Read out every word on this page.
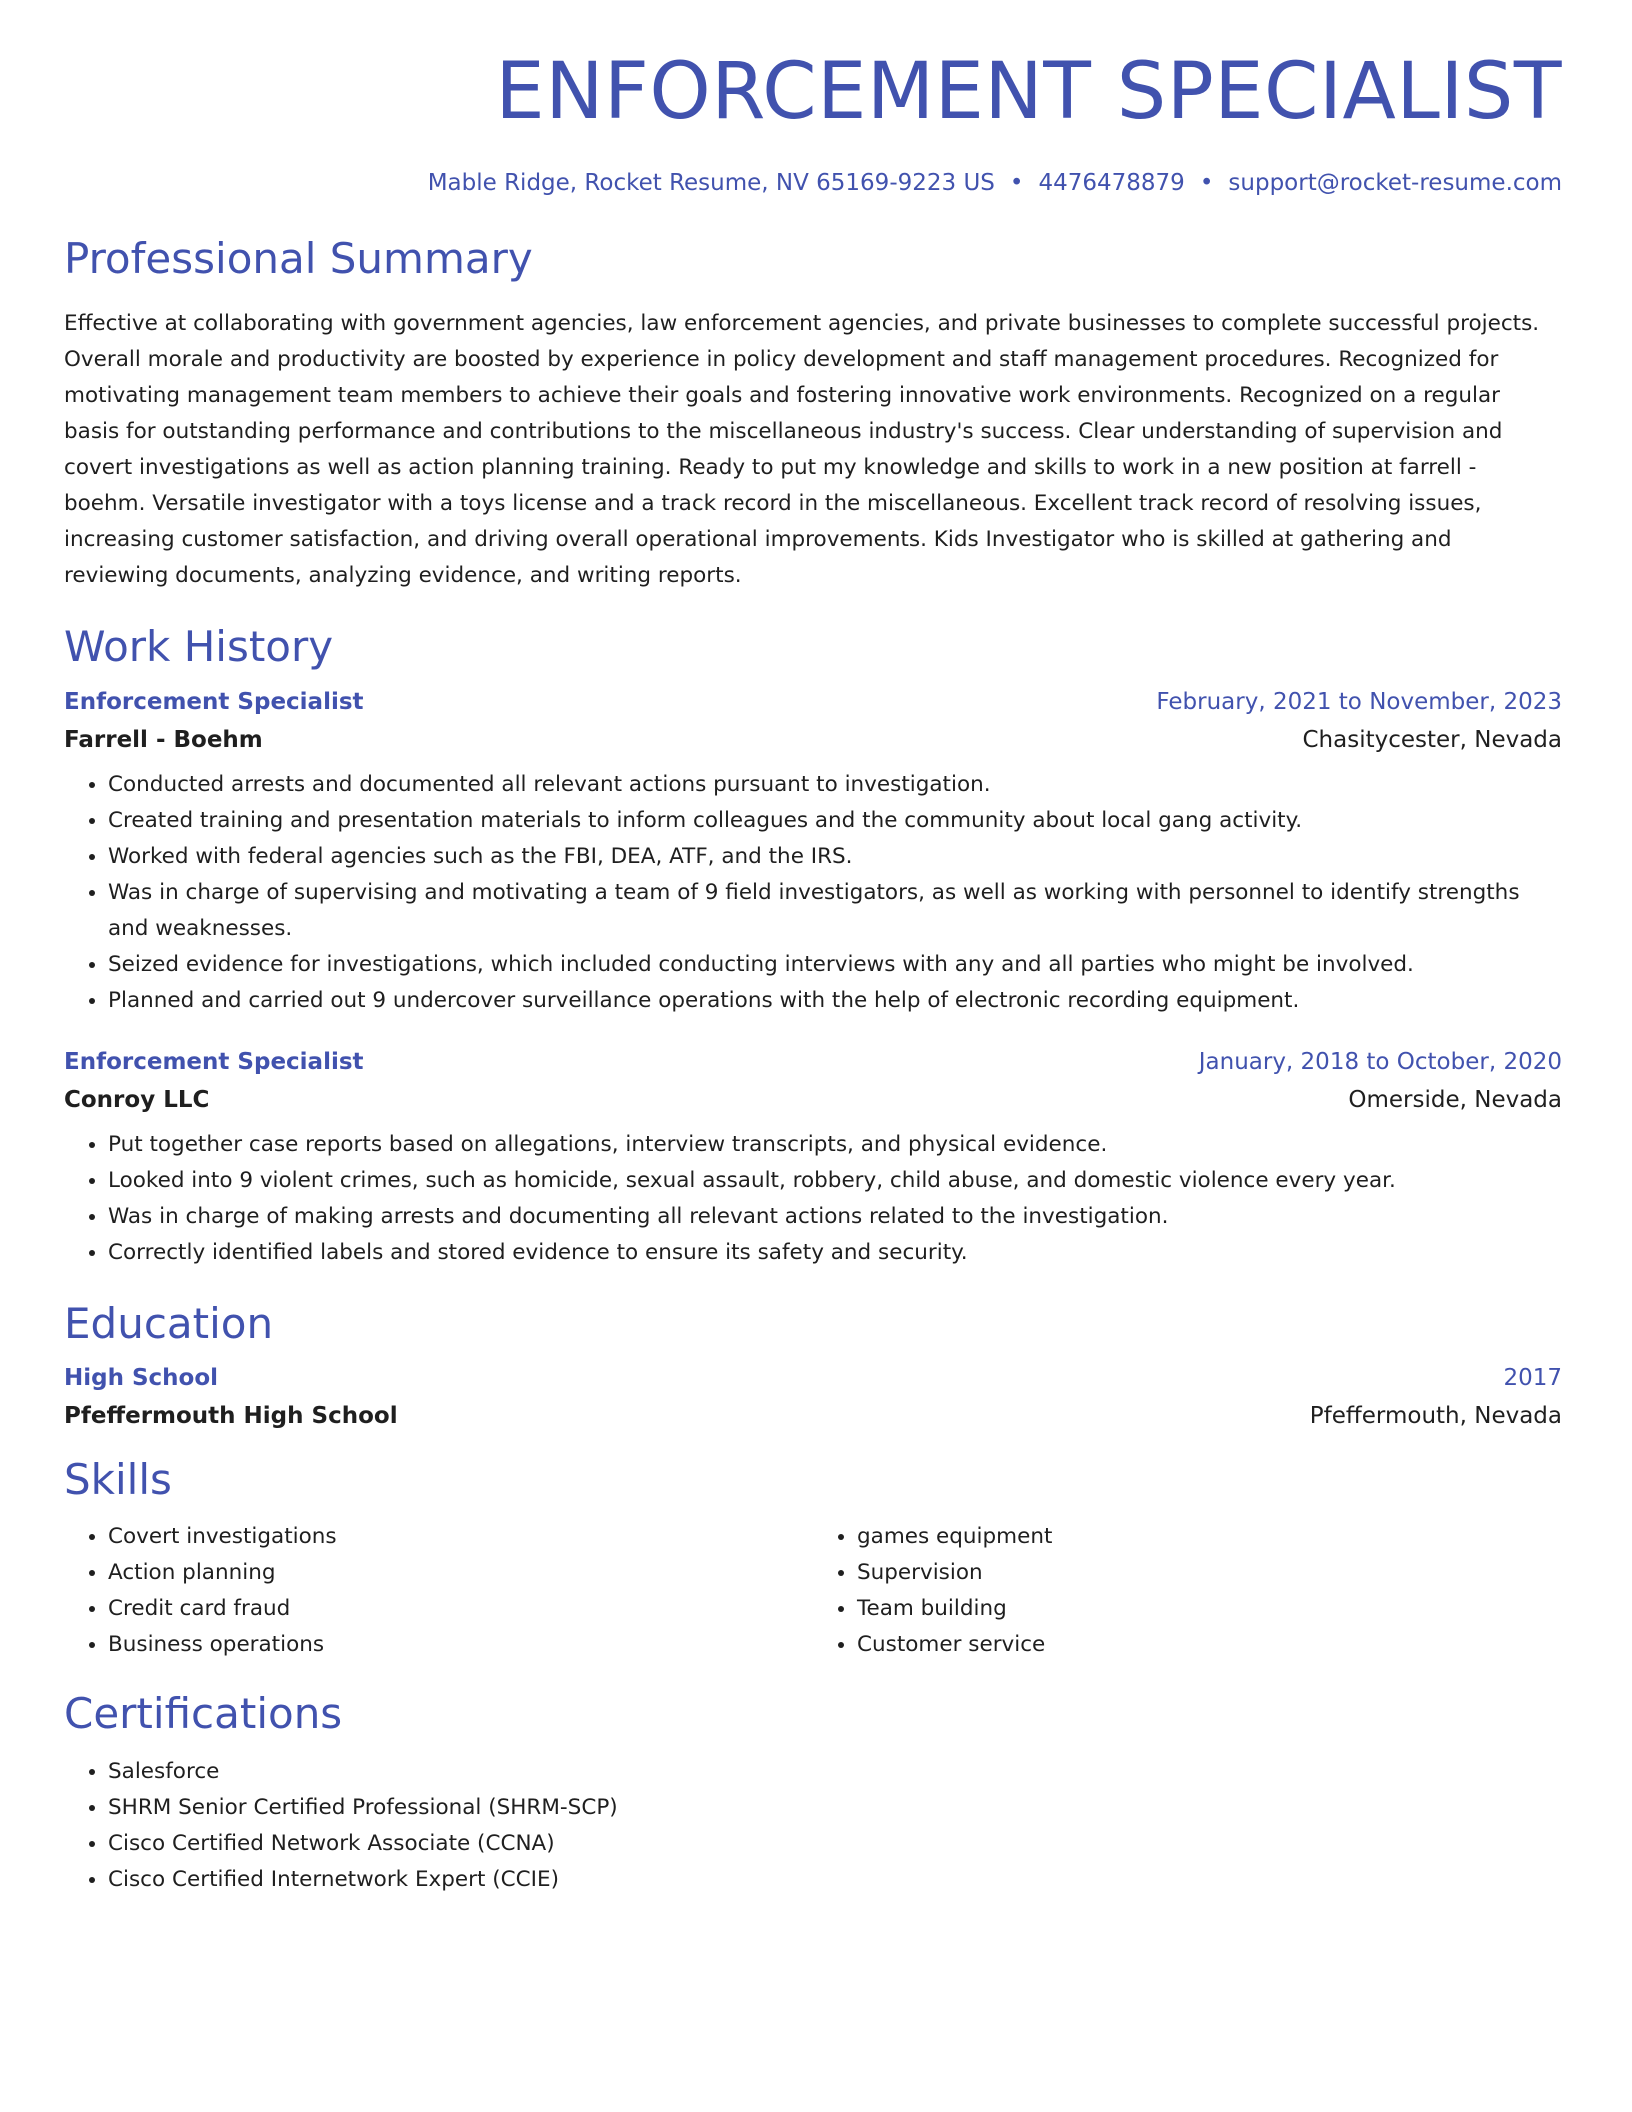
ENFORCEMENT SPECIALIST
Mable Ridge, Rocket Resume, NV 65169-9223 US • 4476478879 • support@rocket-resume.com
Professional Summary

Effective at collaborating with government agencies, law enforcement agencies, and private businesses to complete successful projects. Overall morale and productivity are boosted by experience in policy development and staff management procedures. Recognized for motivating management team members to achieve their goals and fostering innovative work environments. Recognized on a regular basis for outstanding performance and contributions to the miscellaneous industry's success. Clear understanding of supervision and covert investigations as well as action planning training. Ready to put my knowledge and skills to work in a new position at farrell - boehm. Versatile investigator with a toys license and a track record in the miscellaneous. Excellent track record of resolving issues, increasing customer satisfaction, and driving overall operational improvements. Kids Investigator who is skilled at gathering and reviewing documents, analyzing evidence, and writing reports.

Work History
Enforcement Specialist	February, 2021 to November, 2023
Farrell - Boehm	Chasitycester, Nevada
• Conducted arrests and documented all relevant actions pursuant to investigation.
• Created training and presentation materials to inform colleagues and the community about local gang activity.
• Worked with federal agencies such as the FBI, DEA, ATF, and the IRS.
• Was in charge of supervising and motivating a team of 9 field investigators, as well as working with personnel to identify strengths and weaknesses.
• Seized evidence for investigations, which included conducting interviews with any and all parties who might be involved.
• Planned and carried out 9 undercover surveillance operations with the help of electronic recording equipment.
Enforcement Specialist	January, 2018 to October, 2020
Conroy LLC	Omerside, Nevada
• Put together case reports based on allegations, interview transcripts, and physical evidence.
• Looked into 9 violent crimes, such as homicide, sexual assault, robbery, child abuse, and domestic violence every year.
• Was in charge of making arrests and documenting all relevant actions related to the investigation.
• Correctly identified labels and stored evidence to ensure its safety and security.
Education
High School	2017
Pfeffermouth High School	Pfeffermouth, Nevada
Skills
• Covert investigations
• Action planning
• Credit card fraud
• Business operations
• games equipment
• Supervision
• Team building
• Customer service
Certifications
• Salesforce
• SHRM Senior Certified Professional (SHRM-SCP)
• Cisco Certified Network Associate (CCNA)
• Cisco Certified Internetwork Expert (CCIE)
